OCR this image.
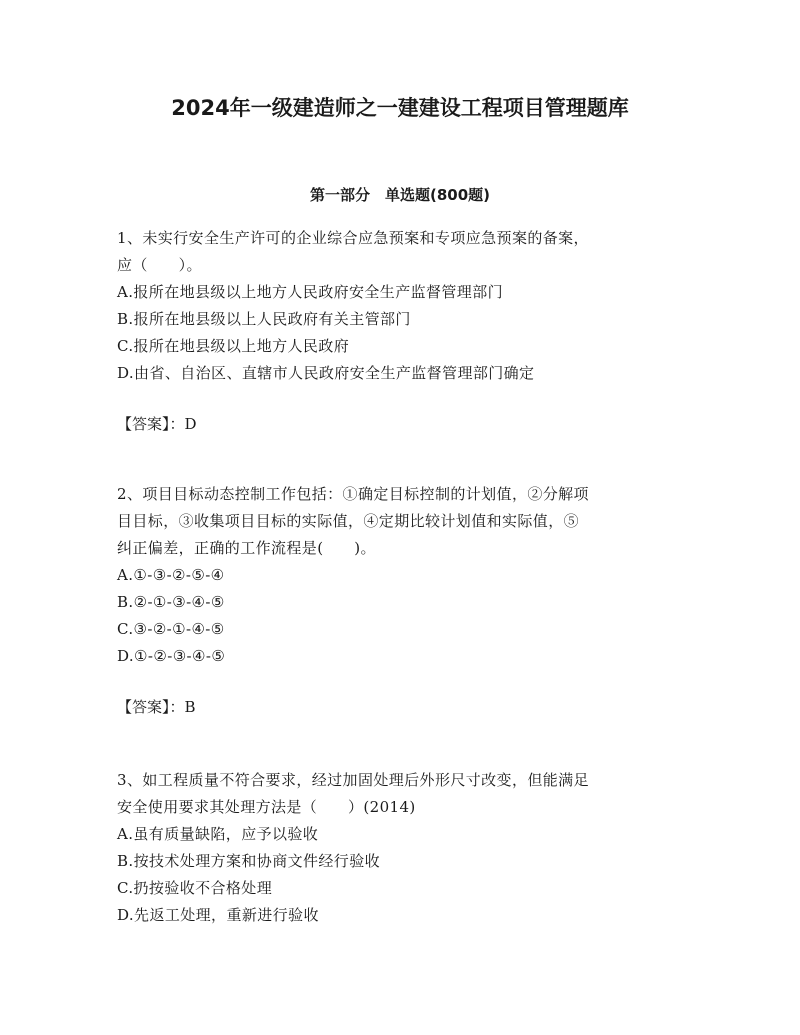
2024年一级建造师之一建建设工程项目管理题库
第一部分　单选题(800题)
1、未实行安全生产许可的企业综合应急预案和专项应急预案的备案，
应（　　）。
A.报所在地县级以上地方人民政府安全生产监督管理部门
B.报所在地县级以上人民政府有关主管部门
C.报所在地县级以上地方人民政府
D.由省、自治区、直辖市人民政府安全生产监督管理部门确定
【答案】：D
2、项目目标动态控制工作包括：①确定目标控制的计划值，②分解项
目目标，③收集项目目标的实际值，④定期比较计划值和实际值，⑤
纠正偏差，正确的工作流程是(　　)。
A.①-③-②-⑤-④
B.②-①-③-④-⑤
C.③-②-①-④-⑤
D.①-②-③-④-⑤
【答案】：B
3、如工程质量不符合要求，经过加固处理后外形尺寸改变，但能满足
安全使用要求其处理方法是（　　）(2014)
A.虽有质量缺陷，应予以验收
B.按技术处理方案和协商文件经行验收
C.扔按验收不合格处理
D.先返工处理，重新进行验收
